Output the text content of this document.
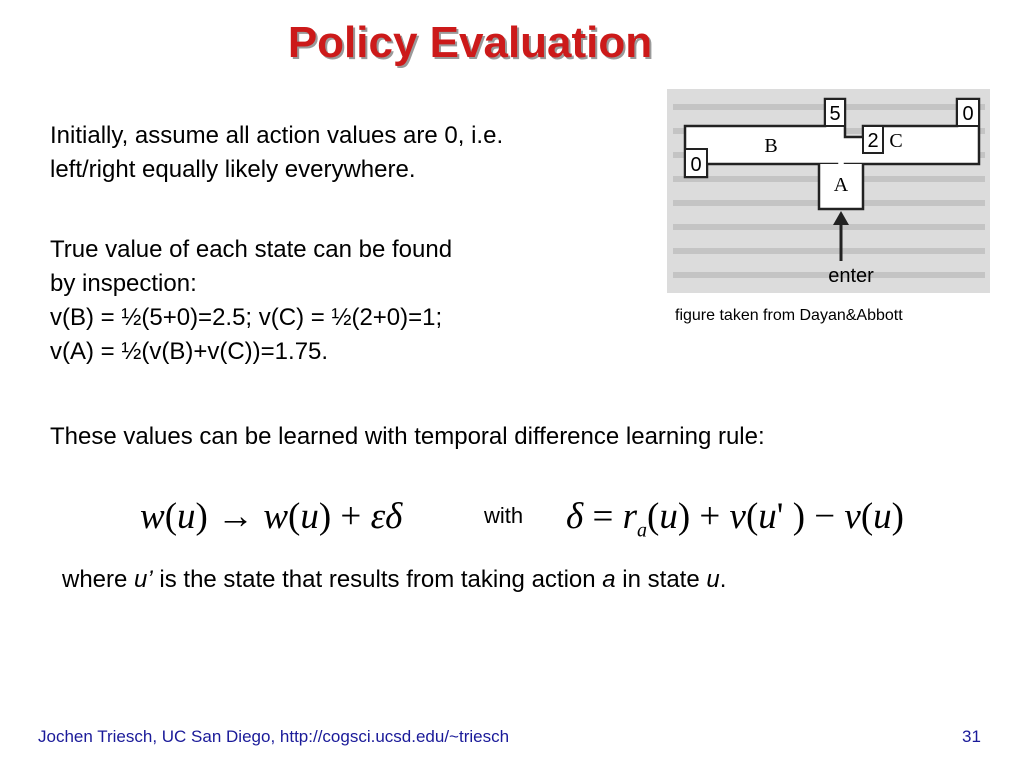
Policy Evaluation
Initially, assume all action values are 0, i.e.
left/right equally likely everywhere.
True value of each state can be found
by inspection:
v(B) = ½(5+0)=2.5; v(C) = ½(2+0)=1;
v(A) = ½(v(B)+v(C))=1.75.
These values can be learned with temporal difference learning rule:
0
5
2
0
B	C
A
enter
figure taken from Dayan&Abbott
w(u) → w(u) + εδ	with $\delta = r_a(u) + v(u'$ ) − v(u)
where u’ is the state that results from taking action a in state u.
Jochen Triesch, UC San Diego, http://cogsci.ucsd.edu/~triesch	31
